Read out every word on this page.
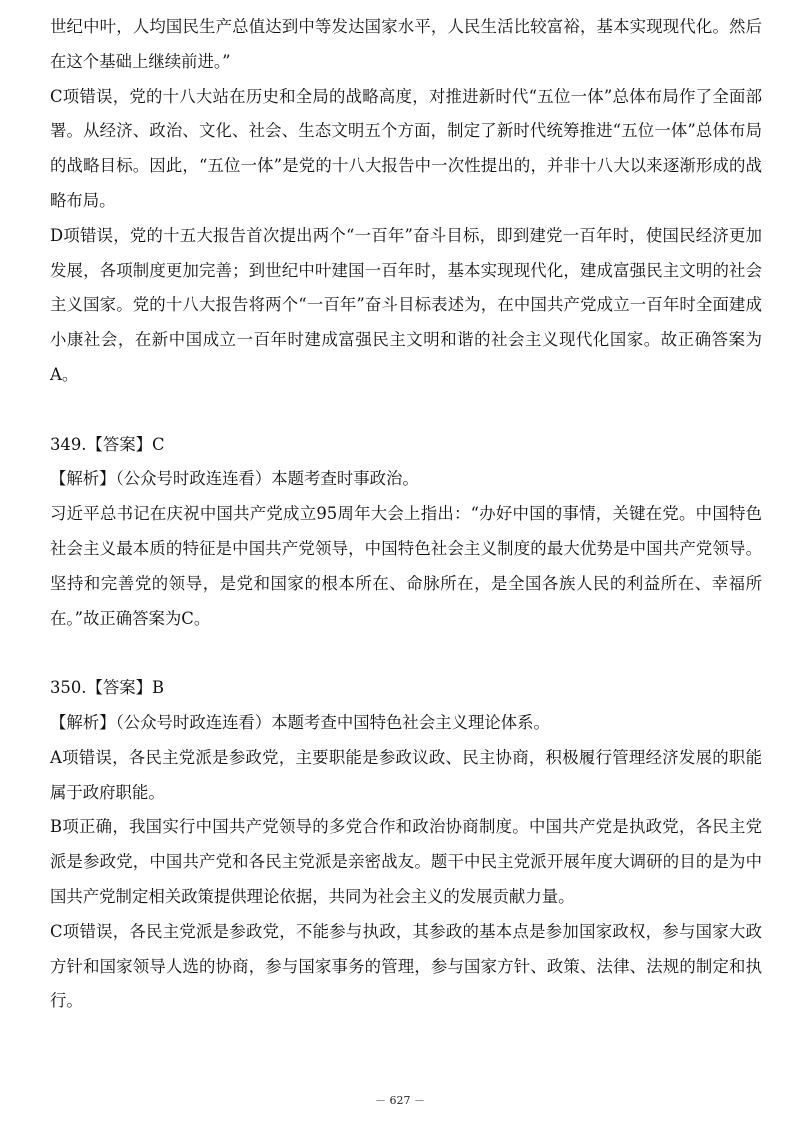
世纪中叶，人均国民生产总值达到中等发达国家水平，人民生活比较富裕，基本实现现代化。然后在这个基础上继续前进。”

C项错误，党的十八大站在历史和全局的战略高度，对推进新时代“五位一体”总体布局作了全面部署。从经济、政治、文化、社会、生态文明五个方面，制定了新时代统筹推进“五位一体”总体布局的战略目标。因此，“五位一体”是党的十八大报告中一次性提出的，并非十八大以来逐渐形成的战略布局。

D项错误，党的十五大报告首次提出两个“一百年”奋斗目标，即到建党一百年时，使国民经济更加发展，各项制度更加完善；到世纪中叶建国一百年时，基本实现现代化，建成富强民主文明的社会主义国家。党的十八大报告将两个“一百年”奋斗目标表述为，在中国共产党成立一百年时全面建成小康社会，在新中国成立一百年时建成富强民主文明和谐的社会主义现代化国家。故正确答案为A。

349.【答案】C

【解析】（公众号时政连连看）本题考查时事政治。

习近平总书记在庆祝中国共产党成立95周年大会上指出：“办好中国的事情，关键在党。中国特色社会主义最本质的特征是中国共产党领导，中国特色社会主义制度的最大优势是中国共产党领导。坚持和完善党的领导，是党和国家的根本所在、命脉所在，是全国各族人民的利益所在、幸福所在。”故正确答案为C。

350.【答案】B

【解析】（公众号时政连连看）本题考查中国特色社会主义理论体系。

A项错误，各民主党派是参政党，主要职能是参政议政、民主协商，积极履行管理经济发展的职能属于政府职能。

B项正确，我国实行中国共产党领导的多党合作和政治协商制度。中国共产党是执政党，各民主党派是参政党，中国共产党和各民主党派是亲密战友。题干中民主党派开展年度大调研的目的是为中国共产党制定相关政策提供理论依据，共同为社会主义的发展贡献力量。

C项错误，各民主党派是参政党，不能参与执政，其参政的基本点是参加国家政权，参与国家大政方针和国家领导人选的协商，参与国家事务的管理，参与国家方针、政策、法律、法规的制定和执行。

－ 627 －
